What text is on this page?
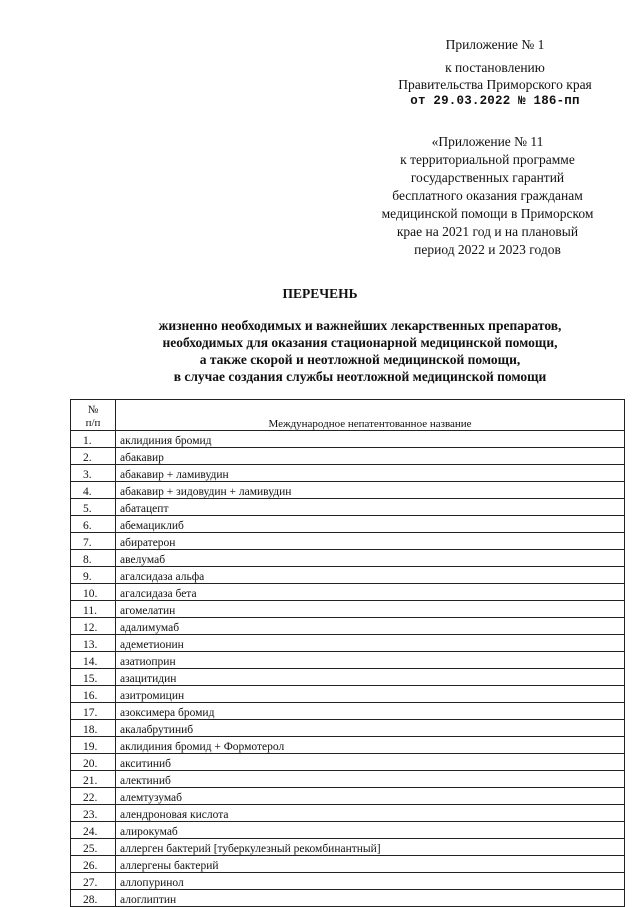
Приложение № 1
к постановлению
Правительства Приморского края
от 29.03.2022 № 186-пп
«Приложение № 11
к территориальной программе
государственных гарантий
бесплатного оказания гражданам
медицинской помощи в Приморском
крае на 2021 год и на плановый
период 2022 и 2023 годов
ПЕРЕЧЕНЬ
жизненно необходимых и важнейших лекарственных препаратов,
необходимых для оказания стационарной медицинской помощи,
а также скорой и неотложной медицинской помощи,
в случае создания службы неотложной медицинской помощи
№
п/п	Международное непатентованное название
1.	аклидиния бромид
2.	абакавир
3.	абакавир + ламивудин
4.	абакавир + зидовудин + ламивудин
5.	абатацепт
6.	абемациклиб
7.	абиратерон
8.	авелумаб
9.	агалсидаза альфа
10.	агалсидаза бета
11.	агомелатин
12.	адалимумаб
13.	адеметионин
14.	азатиоприн
15.	азацитидин
16.	азитромицин
17.	азоксимера бромид
18.	акалабрутиниб
19.	аклидиния бромид + Формотерол
20.	акситиниб
21.	алектиниб
22.	алемтузумаб
23.	алендроновая кислота
24.	алирокумаб
25.	аллерген бактерий [туберкулезный рекомбинантный]
26.	аллергены бактерий
27.	аллопуринол
28.	алоглиптин
